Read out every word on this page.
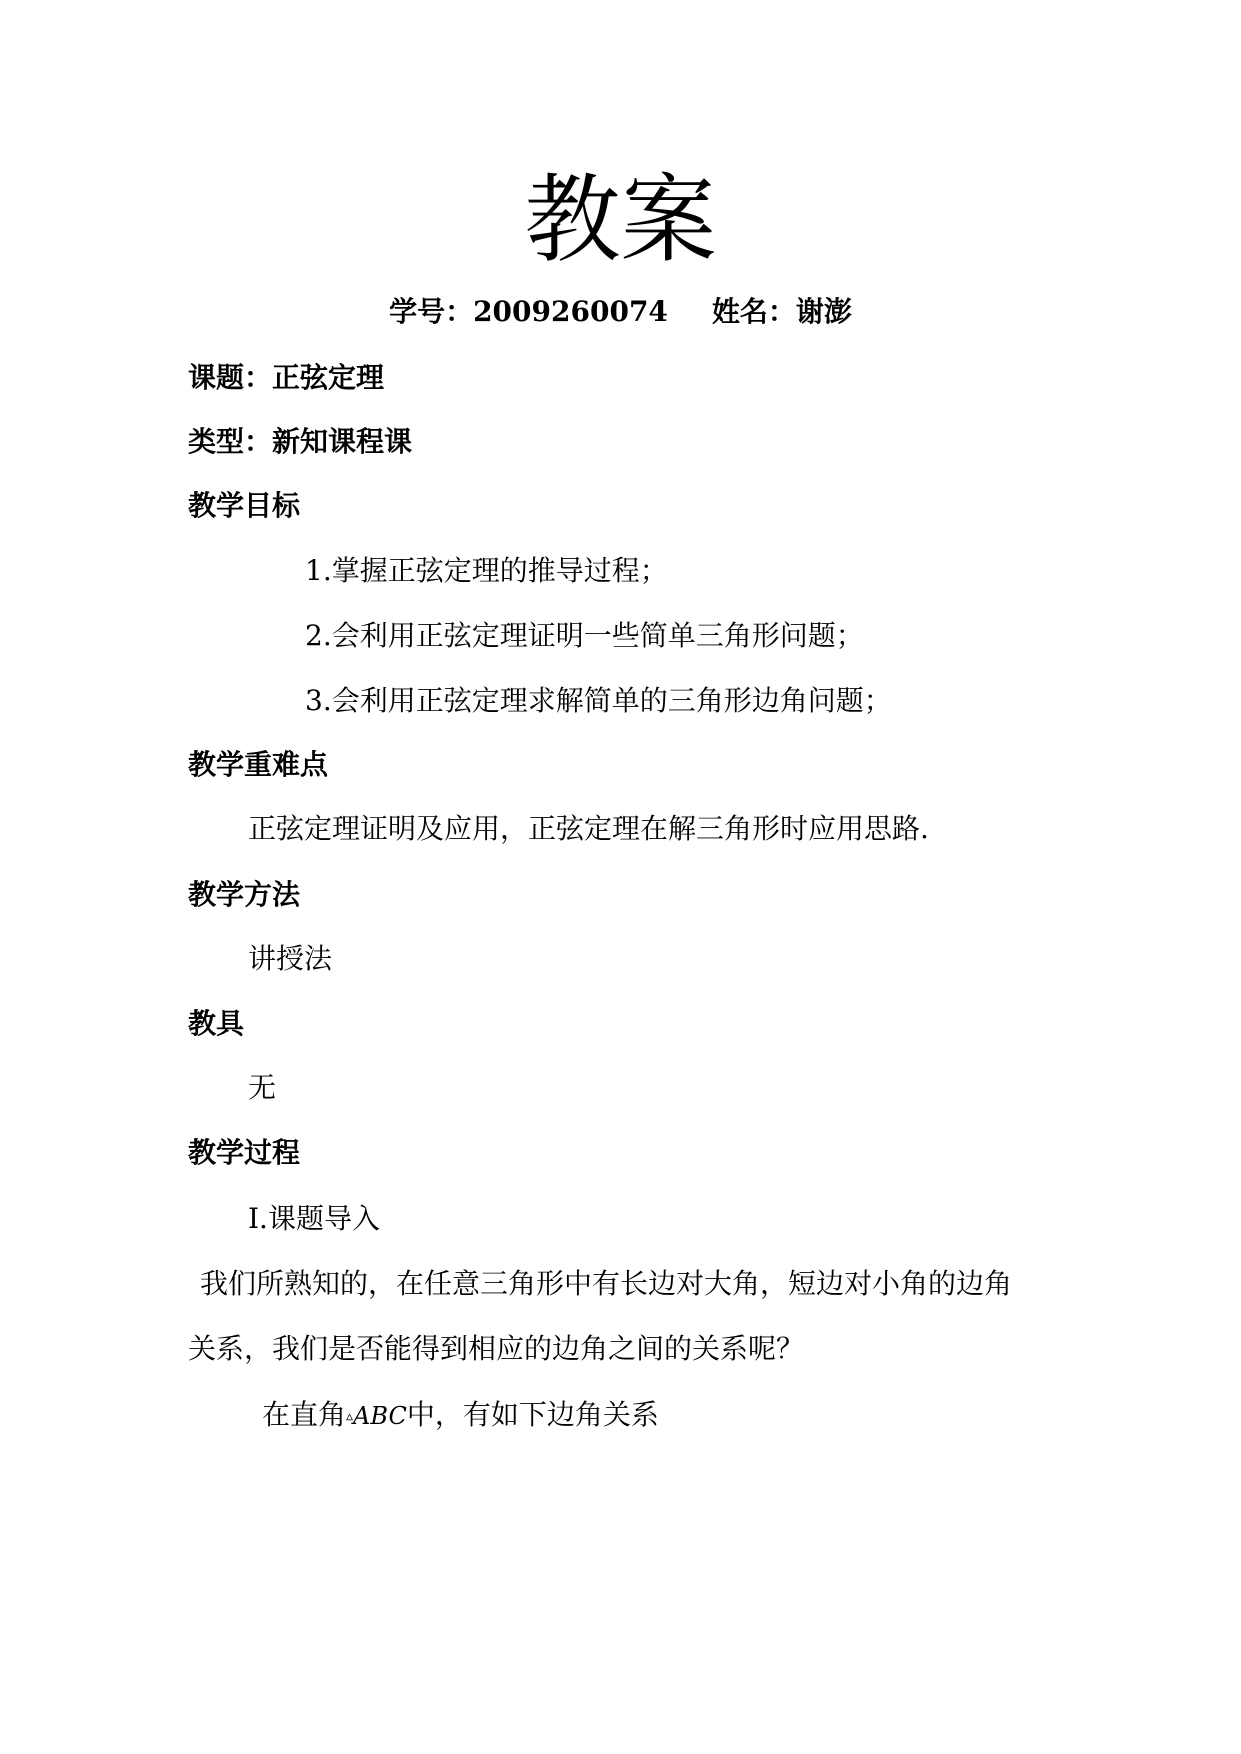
教案
学号：2009260074 姓名：谢澎
课题：正弦定理
类型：新知课程课
教学目标
1.掌握正弦定理的推导过程；
2.会利用正弦定理证明一些简单三角形问题；
3.会利用正弦定理求解简单的三角形边角问题；
教学重难点
正弦定理证明及应用，正弦定理在解三角形时应用思路.
教学方法
讲授法
教具
无
教学过程
Ⅰ.课题导入
我们所熟知的，在任意三角形中有长边对大角，短边对小角的边角
关系，我们是否能得到相应的边角之间的关系呢？
在直角▵ABC中，有如下边角关系
